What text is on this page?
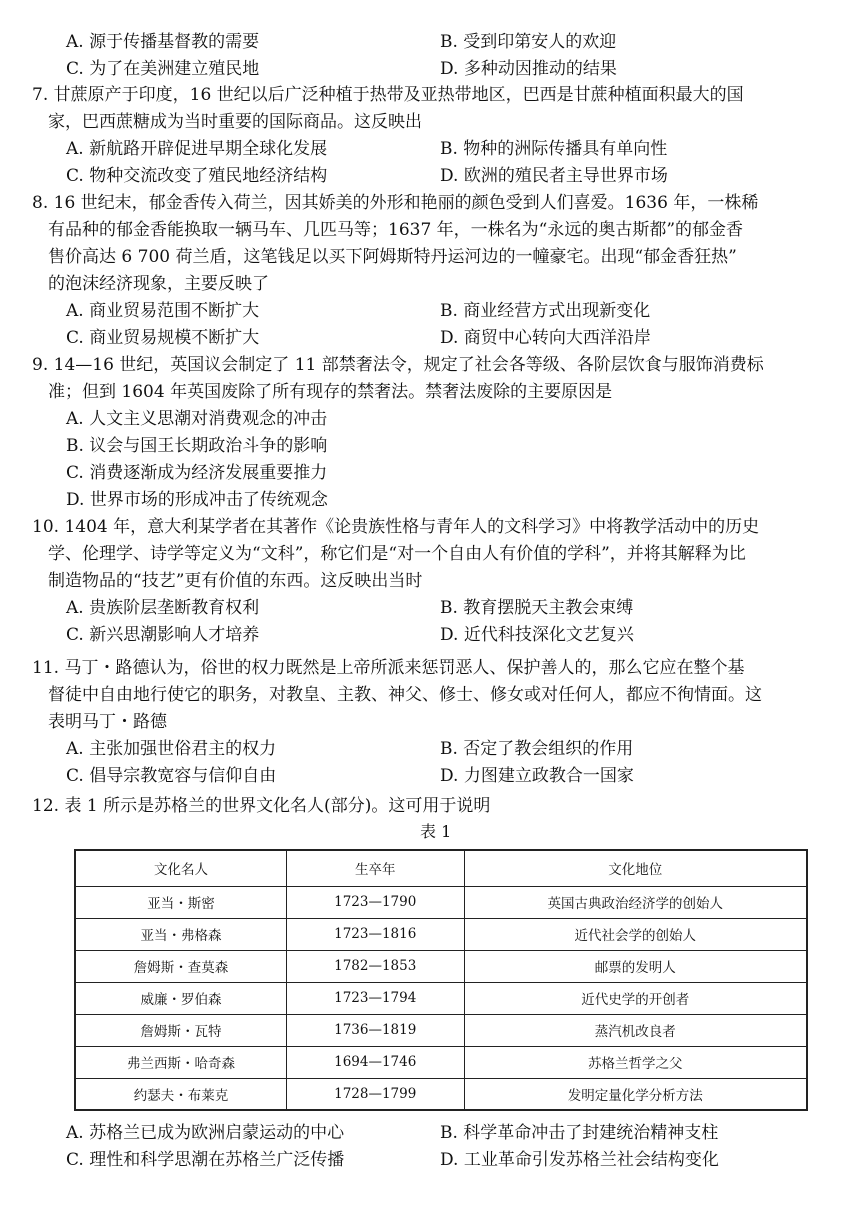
A. 源于传播基督教的需要	B. 受到印第安人的欢迎
C. 为了在美洲建立殖民地	D. 多种动因推动的结果
7. 甘蔗原产于印度，16 世纪以后广泛种植于热带及亚热带地区，巴西是甘蔗种植面积最大的国
家，巴西蔗糖成为当时重要的国际商品。这反映出
A. 新航路开辟促进早期全球化发展	B. 物种的洲际传播具有单向性
C. 物种交流改变了殖民地经济结构	D. 欧洲的殖民者主导世界市场
8. 16 世纪末，郁金香传入荷兰，因其娇美的外形和艳丽的颜色受到人们喜爱。1636 年，一株稀
有品种的郁金香能换取一辆马车、几匹马等；1637 年，一株名为“永远的奥古斯都”的郁金香
售价高达 6 700 荷兰盾，这笔钱足以买下阿姆斯特丹运河边的一幢豪宅。出现“郁金香狂热”
的泡沫经济现象，主要反映了
A. 商业贸易范围不断扩大	B. 商业经营方式出现新变化
C. 商业贸易规模不断扩大	D. 商贸中心转向大西洋沿岸
9. 14—16 世纪，英国议会制定了 11 部禁奢法令，规定了社会各等级、各阶层饮食与服饰消费标
准；但到 1604 年英国废除了所有现存的禁奢法。禁奢法废除的主要原因是
A. 人文主义思潮对消费观念的冲击
B. 议会与国王长期政治斗争的影响
C. 消费逐渐成为经济发展重要推力
D. 世界市场的形成冲击了传统观念
10. 1404 年，意大利某学者在其著作《论贵族性格与青年人的文科学习》中将教学活动中的历史
学、伦理学、诗学等定义为“文科”，称它们是“对一个自由人有价值的学科”，并将其解释为比
制造物品的“技艺”更有价值的东西。这反映出当时
A. 贵族阶层垄断教育权利	B. 教育摆脱天主教会束缚
C. 新兴思潮影响人才培养	D. 近代科技深化文艺复兴
11. 马丁・路德认为，俗世的权力既然是上帝所派来惩罚恶人、保护善人的，那么它应在整个基
督徒中自由地行使它的职务，对教皇、主教、神父、修士、修女或对任何人，都应不徇情面。这
表明马丁・路德
A. 主张加强世俗君主的权力	B. 否定了教会组织的作用
C. 倡导宗教宽容与信仰自由	D. 力图建立政教合一国家
12. 表 1 所示是苏格兰的世界文化名人(部分)。这可用于说明
表 1
文化名人	生卒年	文化地位
亚当・斯密	1723—1790	英国古典政治经济学的创始人
亚当・弗格森	1723—1816	近代社会学的创始人
詹姆斯・查莫森	1782—1853	邮票的发明人
威廉・罗伯森	1723—1794	近代史学的开创者
詹姆斯・瓦特	1736—1819	蒸汽机改良者
弗兰西斯・哈奇森	1694—1746	苏格兰哲学之父
约瑟夫・布莱克	1728—1799	发明定量化学分析方法
A. 苏格兰已成为欧洲启蒙运动的中心	B. 科学革命冲击了封建统治精神支柱
C. 理性和科学思潮在苏格兰广泛传播	D. 工业革命引发苏格兰社会结构变化
